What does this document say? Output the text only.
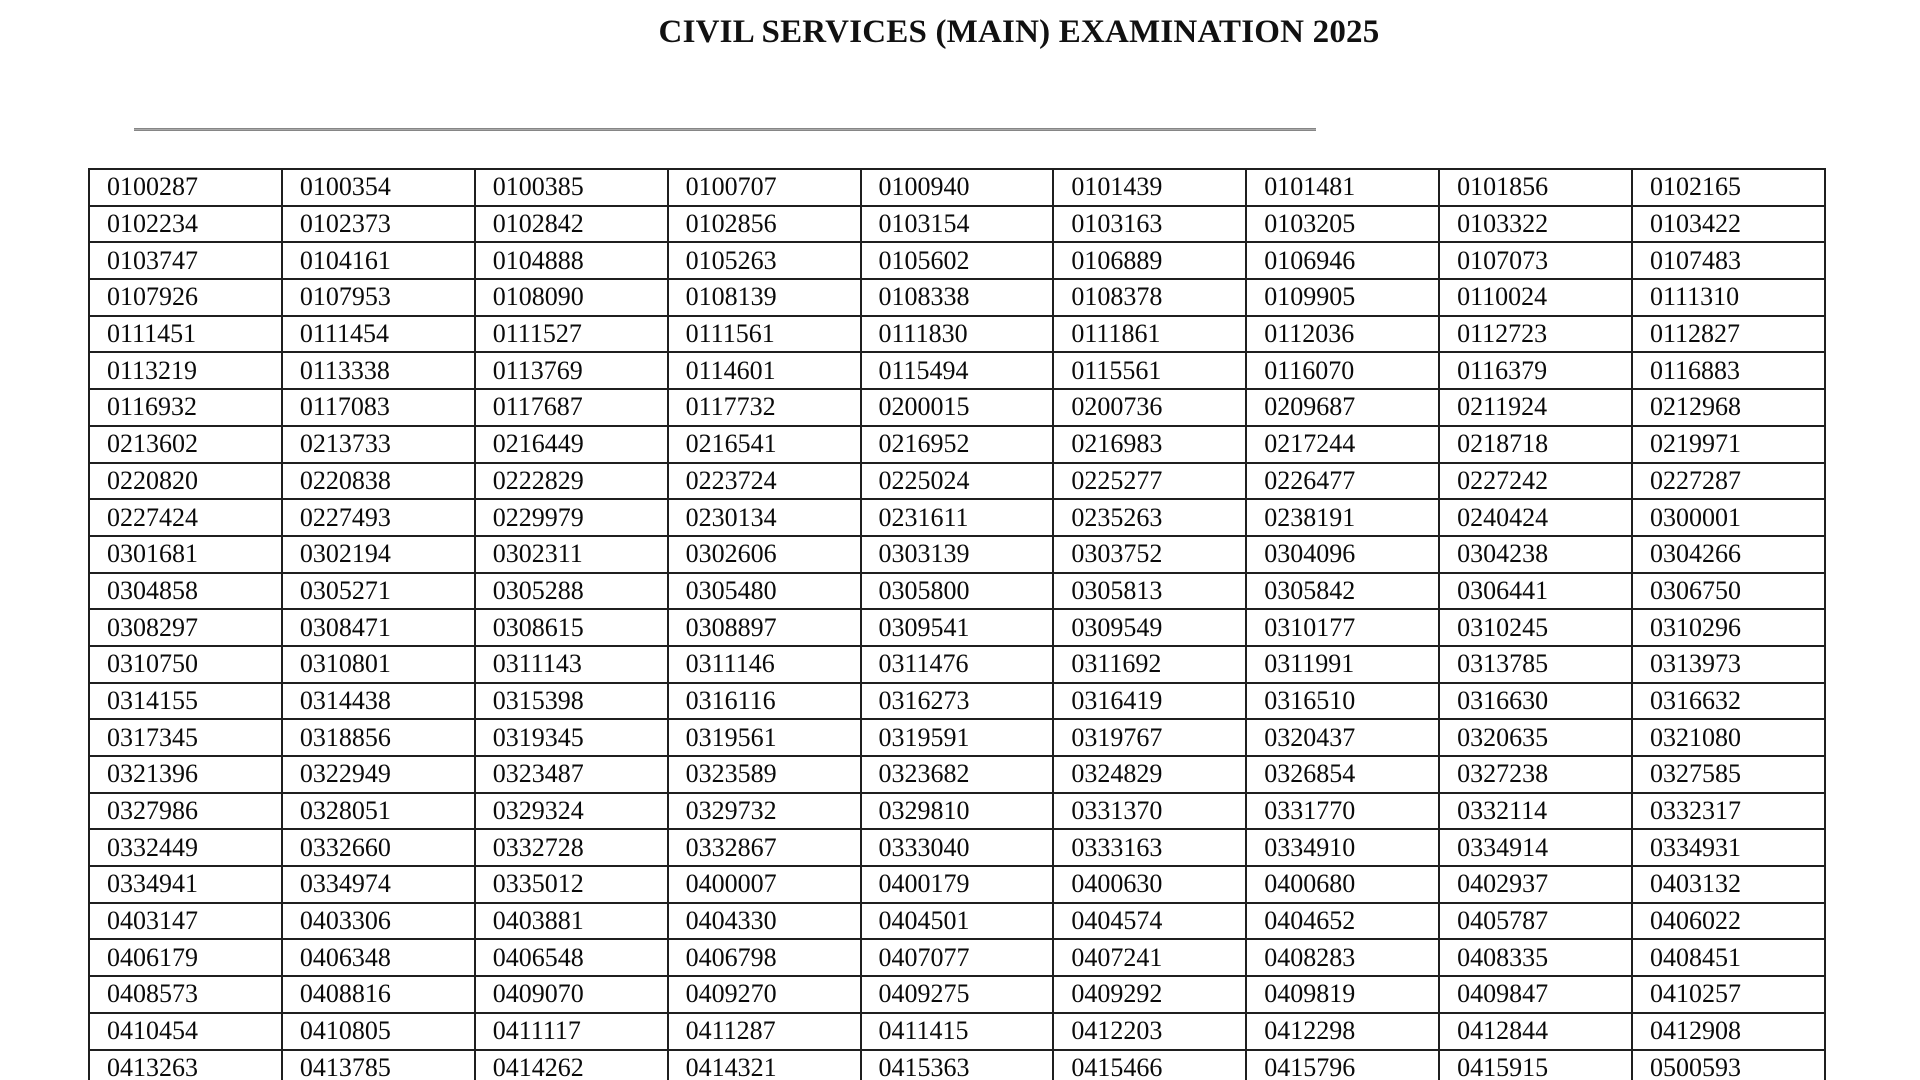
CIVIL SERVICES (MAIN) EXAMINATION 2025
0100287	0100354	0100385	0100707	0100940	0101439	0101481	0101856	0102165
0102234	0102373	0102842	0102856	0103154	0103163	0103205	0103322	0103422
0103747	0104161	0104888	0105263	0105602	0106889	0106946	0107073	0107483
0107926	0107953	0108090	0108139	0108338	0108378	0109905	0110024	0111310
0111451	0111454	0111527	0111561	0111830	0111861	0112036	0112723	0112827
0113219	0113338	0113769	0114601	0115494	0115561	0116070	0116379	0116883
0116932	0117083	0117687	0117732	0200015	0200736	0209687	0211924	0212968
0213602	0213733	0216449	0216541	0216952	0216983	0217244	0218718	0219971
0220820	0220838	0222829	0223724	0225024	0225277	0226477	0227242	0227287
0227424	0227493	0229979	0230134	0231611	0235263	0238191	0240424	0300001
0301681	0302194	0302311	0302606	0303139	0303752	0304096	0304238	0304266
0304858	0305271	0305288	0305480	0305800	0305813	0305842	0306441	0306750
0308297	0308471	0308615	0308897	0309541	0309549	0310177	0310245	0310296
0310750	0310801	0311143	0311146	0311476	0311692	0311991	0313785	0313973
0314155	0314438	0315398	0316116	0316273	0316419	0316510	0316630	0316632
0317345	0318856	0319345	0319561	0319591	0319767	0320437	0320635	0321080
0321396	0322949	0323487	0323589	0323682	0324829	0326854	0327238	0327585
0327986	0328051	0329324	0329732	0329810	0331370	0331770	0332114	0332317
0332449	0332660	0332728	0332867	0333040	0333163	0334910	0334914	0334931
0334941	0334974	0335012	0400007	0400179	0400630	0400680	0402937	0403132
0403147	0403306	0403881	0404330	0404501	0404574	0404652	0405787	0406022
0406179	0406348	0406548	0406798	0407077	0407241	0408283	0408335	0408451
0408573	0408816	0409070	0409270	0409275	0409292	0409819	0409847	0410257
0410454	0410805	0411117	0411287	0411415	0412203	0412298	0412844	0412908
0413263	0413785	0414262	0414321	0415363	0415466	0415796	0415915	0500593
